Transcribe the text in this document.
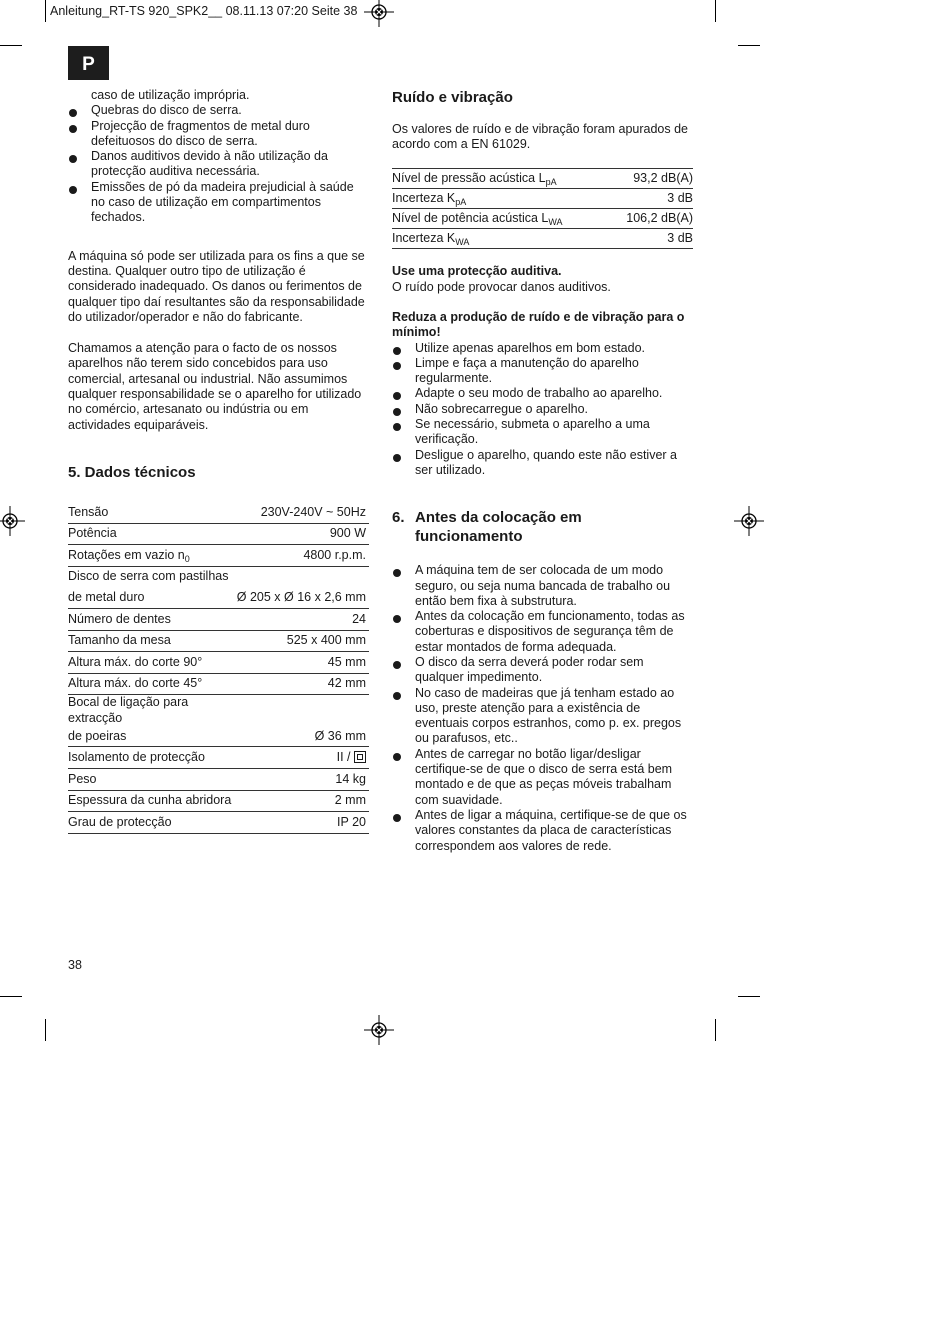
Anleitung_RT-TS 920_SPK2__ 08.11.13 07:20 Seite 38
P
caso de utilização imprópria.
Quebras do disco de serra.
Projecção de fragmentos de metal duro defeituosos do disco de serra.
Danos auditivos devido à não utilização da protecção auditiva necessária.
Emissões de pó da madeira prejudicial à saúde no caso de utilização em compartimentos fechados.

A máquina só pode ser utilizada para os fins a que se destina. Qualquer outro tipo de utilização é considerado inadequado. Os danos ou ferimentos de qualquer tipo daí resultantes são da responsabilidade do utilizador/operador e não do fabricante.

Chamamos a atenção para o facto de os nossos aparelhos não terem sido concebidos para uso comercial, artesanal ou industrial. Não assumimos qualquer responsabilidade se o aparelho for utilizado no comércio, artesanato ou indústria ou em actividades equiparáveis.

5. Dados técnicos
Tensão	230V-240V ~ 50Hz
Potência	900 W
Rotações em vazio $n_0$	4800 r.p.m.
Disco de serra com pastilhas	
de metal duro	Ø 205 x Ø 16 x 2,6 mm
Número de dentes	24
Tamanho da mesa	525 x 400 mm
Altura máx. do corte 90°	45 mm
Altura máx. do corte 45°	42 mm
Bocal de ligação para extracção	
de poeiras	Ø 36 mm
Isolamento de protecção	II /
Peso	14 kg
Espessura da cunha abridora	2 mm
Grau de protecção	IP 20
Ruído e vibração

Os valores de ruído e de vibração foram apurados de acordo com a EN 61029.

Nível de pressão acústica $L_{pA}$	93,2 dB(A)
Incerteza $K_{pA}$	3 dB
Nível de potência acústica $L_{WA}$	106,2 dB(A)
Incerteza $K_{WA}$	3 dB

Use uma protecção auditiva.

O ruído pode provocar danos auditivos.

Reduza a produção de ruído e de vibração para o mínimo!

Utilize apenas aparelhos em bom estado.
Limpe e faça a manutenção do aparelho regularmente.
Adapte o seu modo de trabalho ao aparelho.
Não sobrecarregue o aparelho.
Se necessário, submeta o aparelho a uma verificação.
Desligue o aparelho, quando este não estiver a ser utilizado.
6. Antes da colocação em funcionamento
A máquina tem de ser colocada de um modo seguro, ou seja numa bancada de trabalho ou então bem fixa à substrutura.
Antes da colocação em funcionamento, todas as coberturas e dispositivos de segurança têm de estar montados de forma adequada.
O disco da serra deverá poder rodar sem qualquer impedimento.
No caso de madeiras que já tenham estado ao uso, preste atenção para a existência de eventuais corpos estranhos, como p. ex. pregos ou parafusos, etc..
Antes de carregar no botão ligar/desligar certifique-se de que o disco de serra está bem montado e de que as peças móveis trabalham com suavidade.
Antes de ligar a máquina, certifique-se de que os valores constantes da placa de características correspondem aos valores de rede.
38
